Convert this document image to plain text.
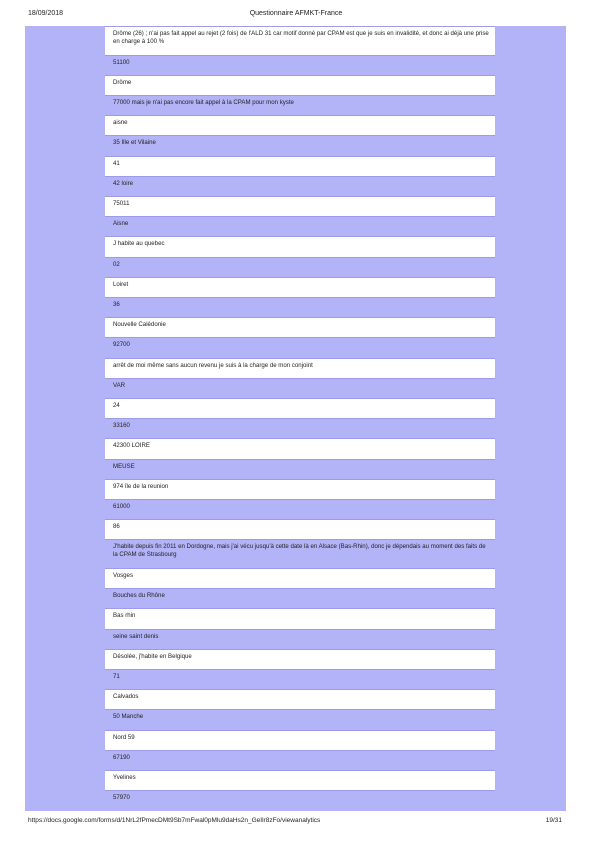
18/09/2018	Questionnaire AFMKT-France
Drôme (26) ; n'ai pas fait appel au rejet (2 fois) de l'ALD 31 car motif donné par CPAM est que je suis en invalidité, et donc ai déjà une prise en charge à 100 %
51100
Drôme
77000 mais je n'ai pas encore fait appel à la CPAM pour mon kyste
aisne
35 Ille et Vilaine
41
42 loire
75011
Aisne
J habite au quebec
02
Loiret
36
Nouvelle Calédonie
92700
arrêt de moi même sans aucun revenu je suis à la charge de mon conjoint
VAR
24
33160
42300 LOIRE
MEUSE
974 île de la reunion
61000
86
J'habite depuis fin 2011 en Dordogne, mais j'ai vécu jusqu'à cette date là en Alsace (Bas-Rhin), donc je dépendais au moment des faits de la CPAM de Strasbourg
Vosges
Bouches du Rhône
Bas rhin
seine saint denis
Désolée, j'habite en Belgique
71
Calvados
50 Manche
Nord 59
67190
Yvelines
57970
https://docs.google.com/forms/d/1NrL2fPmecDMt9Sb7mFwal0pMlu9daHs2n_GeIlr8zFo/viewanalytics	19/31
